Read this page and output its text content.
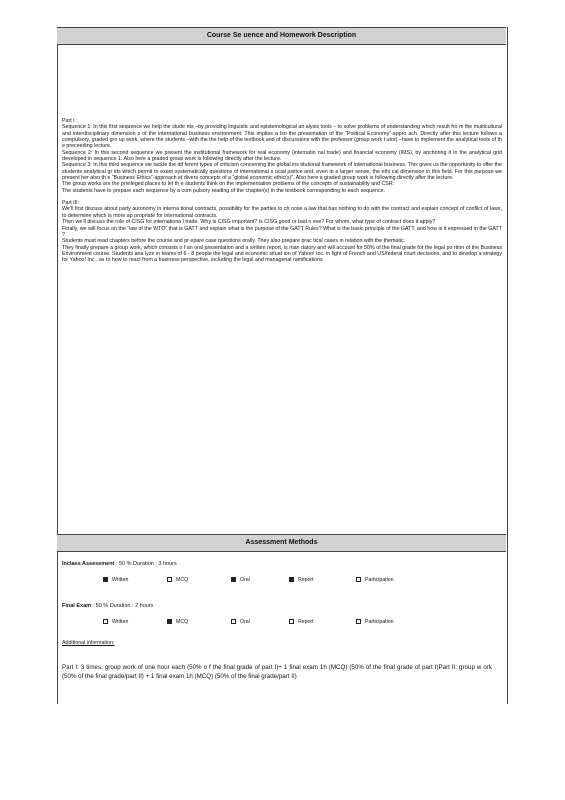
Course Se uence and Homework Description

Part I :

Sequence 1: In this first sequence we help the stude nts –by providing linguistic and epistemological an alysis tools – to solve problems of understanding which result fro m the multicultural and interdisciplinary dimension s of the international business environment. This implies a lso the presentation of the “Political Economy”-appro ach. Directly after this lecture follows a compulsory, graded gro up work, where the students –with the the help of the textbook and of discussions with the professor (group work t utor) –have to implement the analytical tools of th e preceeding lecture.

Sequence 2: In this second sequence we present the institutional framework for real economy (internatio nal trade) and financial economy (IMS), by anchoring it in the analytical grid developed in sequence 1. Also here a graded group work is following directly after the lecture.

Sequence 3: In this third sequence we tackle the dif ferent types of criticism concerning the global ins titutional framework of international business. This gives us the opportunity to offer the students analytical gr ids which permit to exam systematically questions of international s ocial justice and, even in a larger sense, the ethi cal dimension in this field. For this purpose we present her also th e “Business Ethics”-approach et divers concepts of a “global economic ethic(s)”. Also here a graded group work is following directly after the lecture.

The group works are the privileged places to let th e students think on the implementation problems of the concepts of sustainability and CSR.

The students have to prepare each sequence by a com pulsory reading of the chapter(s) in the textbook corresponding to each sequence.

Part III:

We’ll first discuss about party autonomy in interna tional contracts, possibility for the parties to ch oose a law that has nothing to do with the contract and explain concept of conflict of laws, to determine which is more ap propriate for international contracts.

Then we’ll discuss the role of CISG for internationa l trade. Why is CISG important? Is CISG good or bad n eve? For whom, what type of contract does it apply?

Finally, we will focus on the “law of the WTO” that is GATT and explain what is the purpose of the GATT Rules? What is the basic principle of the GATT, and how is it expressed in the GATT ?

Students must read chapters before the course and pr epare case questions orally. They also prepare prac tical cases in relation with the thematic.

They finally prepare a group work, which consists o f an oral presentation and a written report, is man datory and will account for 50% of the final grade for the legal po rtion of the Business Environment course. Students ana lyze in teams of 6 - 8 people the legal and economic situat ion of Yahoo! Inc. in light of French and US/federal court decisions, and to develop a strategy for Yahoo! Inc . as to how to react from a business perspective, including the legal and managerial ramifications

Assessment Methods
Inclass Assessment : 50 % Duration : 3 hours
Written	MCQ	Oral	Report	Participation
Final Exam : 50 % Duration : 2 hours
Written	MCQ	Oral	Report	Participation
Additional information:
Part I: 3 times, group work of one hour each (50% o f the final grade of part I)+ 1 final exam 1h (MCQ) (50% of the final grade of part I)Part II: group w ork (50% of the final grade/part II) + 1 final exam 1h (MCQ) (50% of the final grade/part II)
